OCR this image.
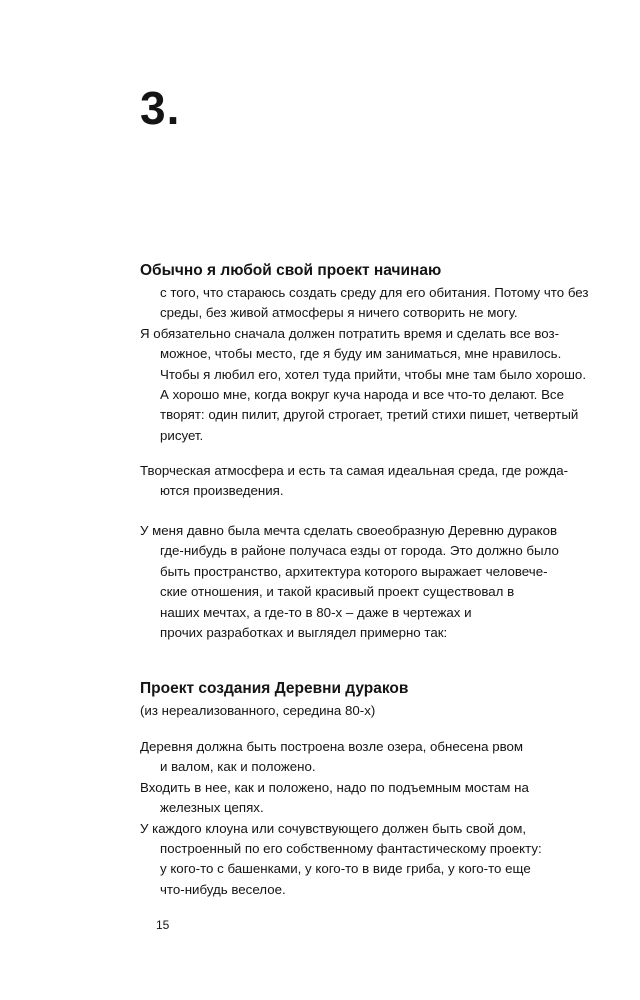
3.
Обычно я любой свой проект начинаю
с того, что стараюсь создать среду для его обитания. Потому что без
среды, без живой атмосферы я ничего сотворить не могу.
Я обязательно сначала должен потратить время и сделать все воз-
можное, чтобы место, где я буду им заниматься, мне нравилось.
Чтобы я любил его, хотел туда прийти, чтобы мне там было хорошо.
А хорошо мне, когда вокруг куча народа и все что-то делают. Все
творят: один пилит, другой строгает, третий стихи пишет, четвертый
рисует.
Творческая атмосфера и есть та самая идеальная среда, где рожда-
ются произведения.
У меня давно была мечта сделать своеобразную Деревню дураков
где-нибудь в районе получаса езды от города. Это должно было
быть пространство, архитектура которого выражает человече-
ские отношения, и такой красивый проект существовал в
наших мечтах, а где-то в 80-х – даже в чертежах и
прочих разработках и выглядел примерно так:
Проект создания Деревни дураков
(из нереализованного, середина 80-х)
Деревня должна быть построена возле озера, обнесена рвом
и валом, как и положено.
Входить в нее, как и положено, надо по подъемным мостам на
железных цепях.
У каждого клоуна или сочувствующего должен быть свой дом,
построенный по его собственному фантастическому проекту:
у кого-то с башенками, у кого-то в виде гриба, у кого-то еще
что-нибудь веселое.
15
